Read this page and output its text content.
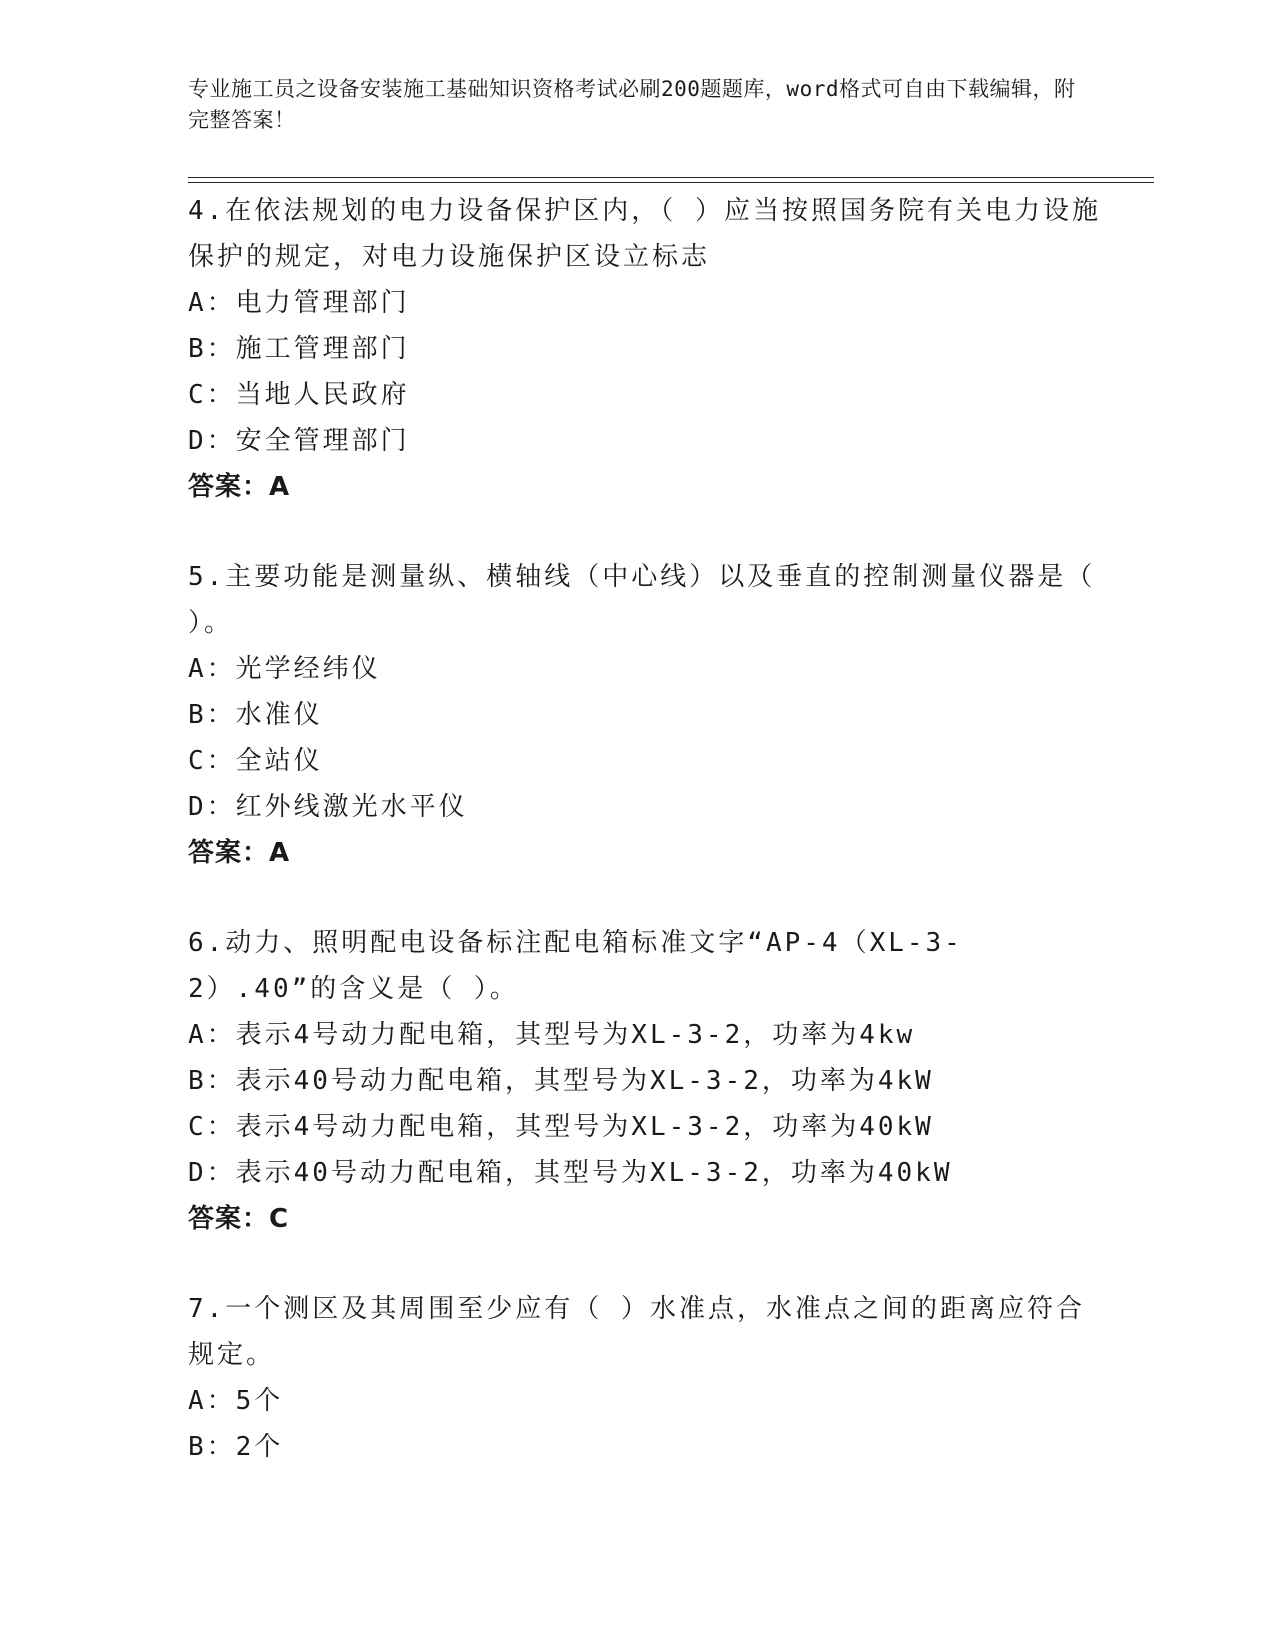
专业施工员之设备安装施工基础知识资格考试必刷200题题库，word格式可自由下载编辑，附完整答案！

4.在依法规划的电力设备保护区内，（ ）应当按照国务院有关电力设施保护的规定，对电力设施保护区设立标志

A：电力管理部门

B：施工管理部门

C：当地人民政府

D：安全管理部门

答案：A

5.主要功能是测量纵、横轴线（中心线）以及垂直的控制测量仪器是（ ）。

A：光学经纬仪

B：水准仪

C：全站仪

D：红外线激光水平仪

答案：A

6.动力、照明配电设备标注配电箱标准文字“AP-4（XL-3-2）.40”的含义是（ ）。

A：表示4号动力配电箱，其型号为XL-3-2，功率为4kw

B：表示40号动力配电箱，其型号为XL-3-2，功率为4kW

C：表示4号动力配电箱，其型号为XL-3-2，功率为40kW

D：表示40号动力配电箱，其型号为XL-3-2，功率为40kW

答案：C

7.一个测区及其周围至少应有（ ）水准点，水准点之间的距离应符合规定。

A：5个

B：2个
